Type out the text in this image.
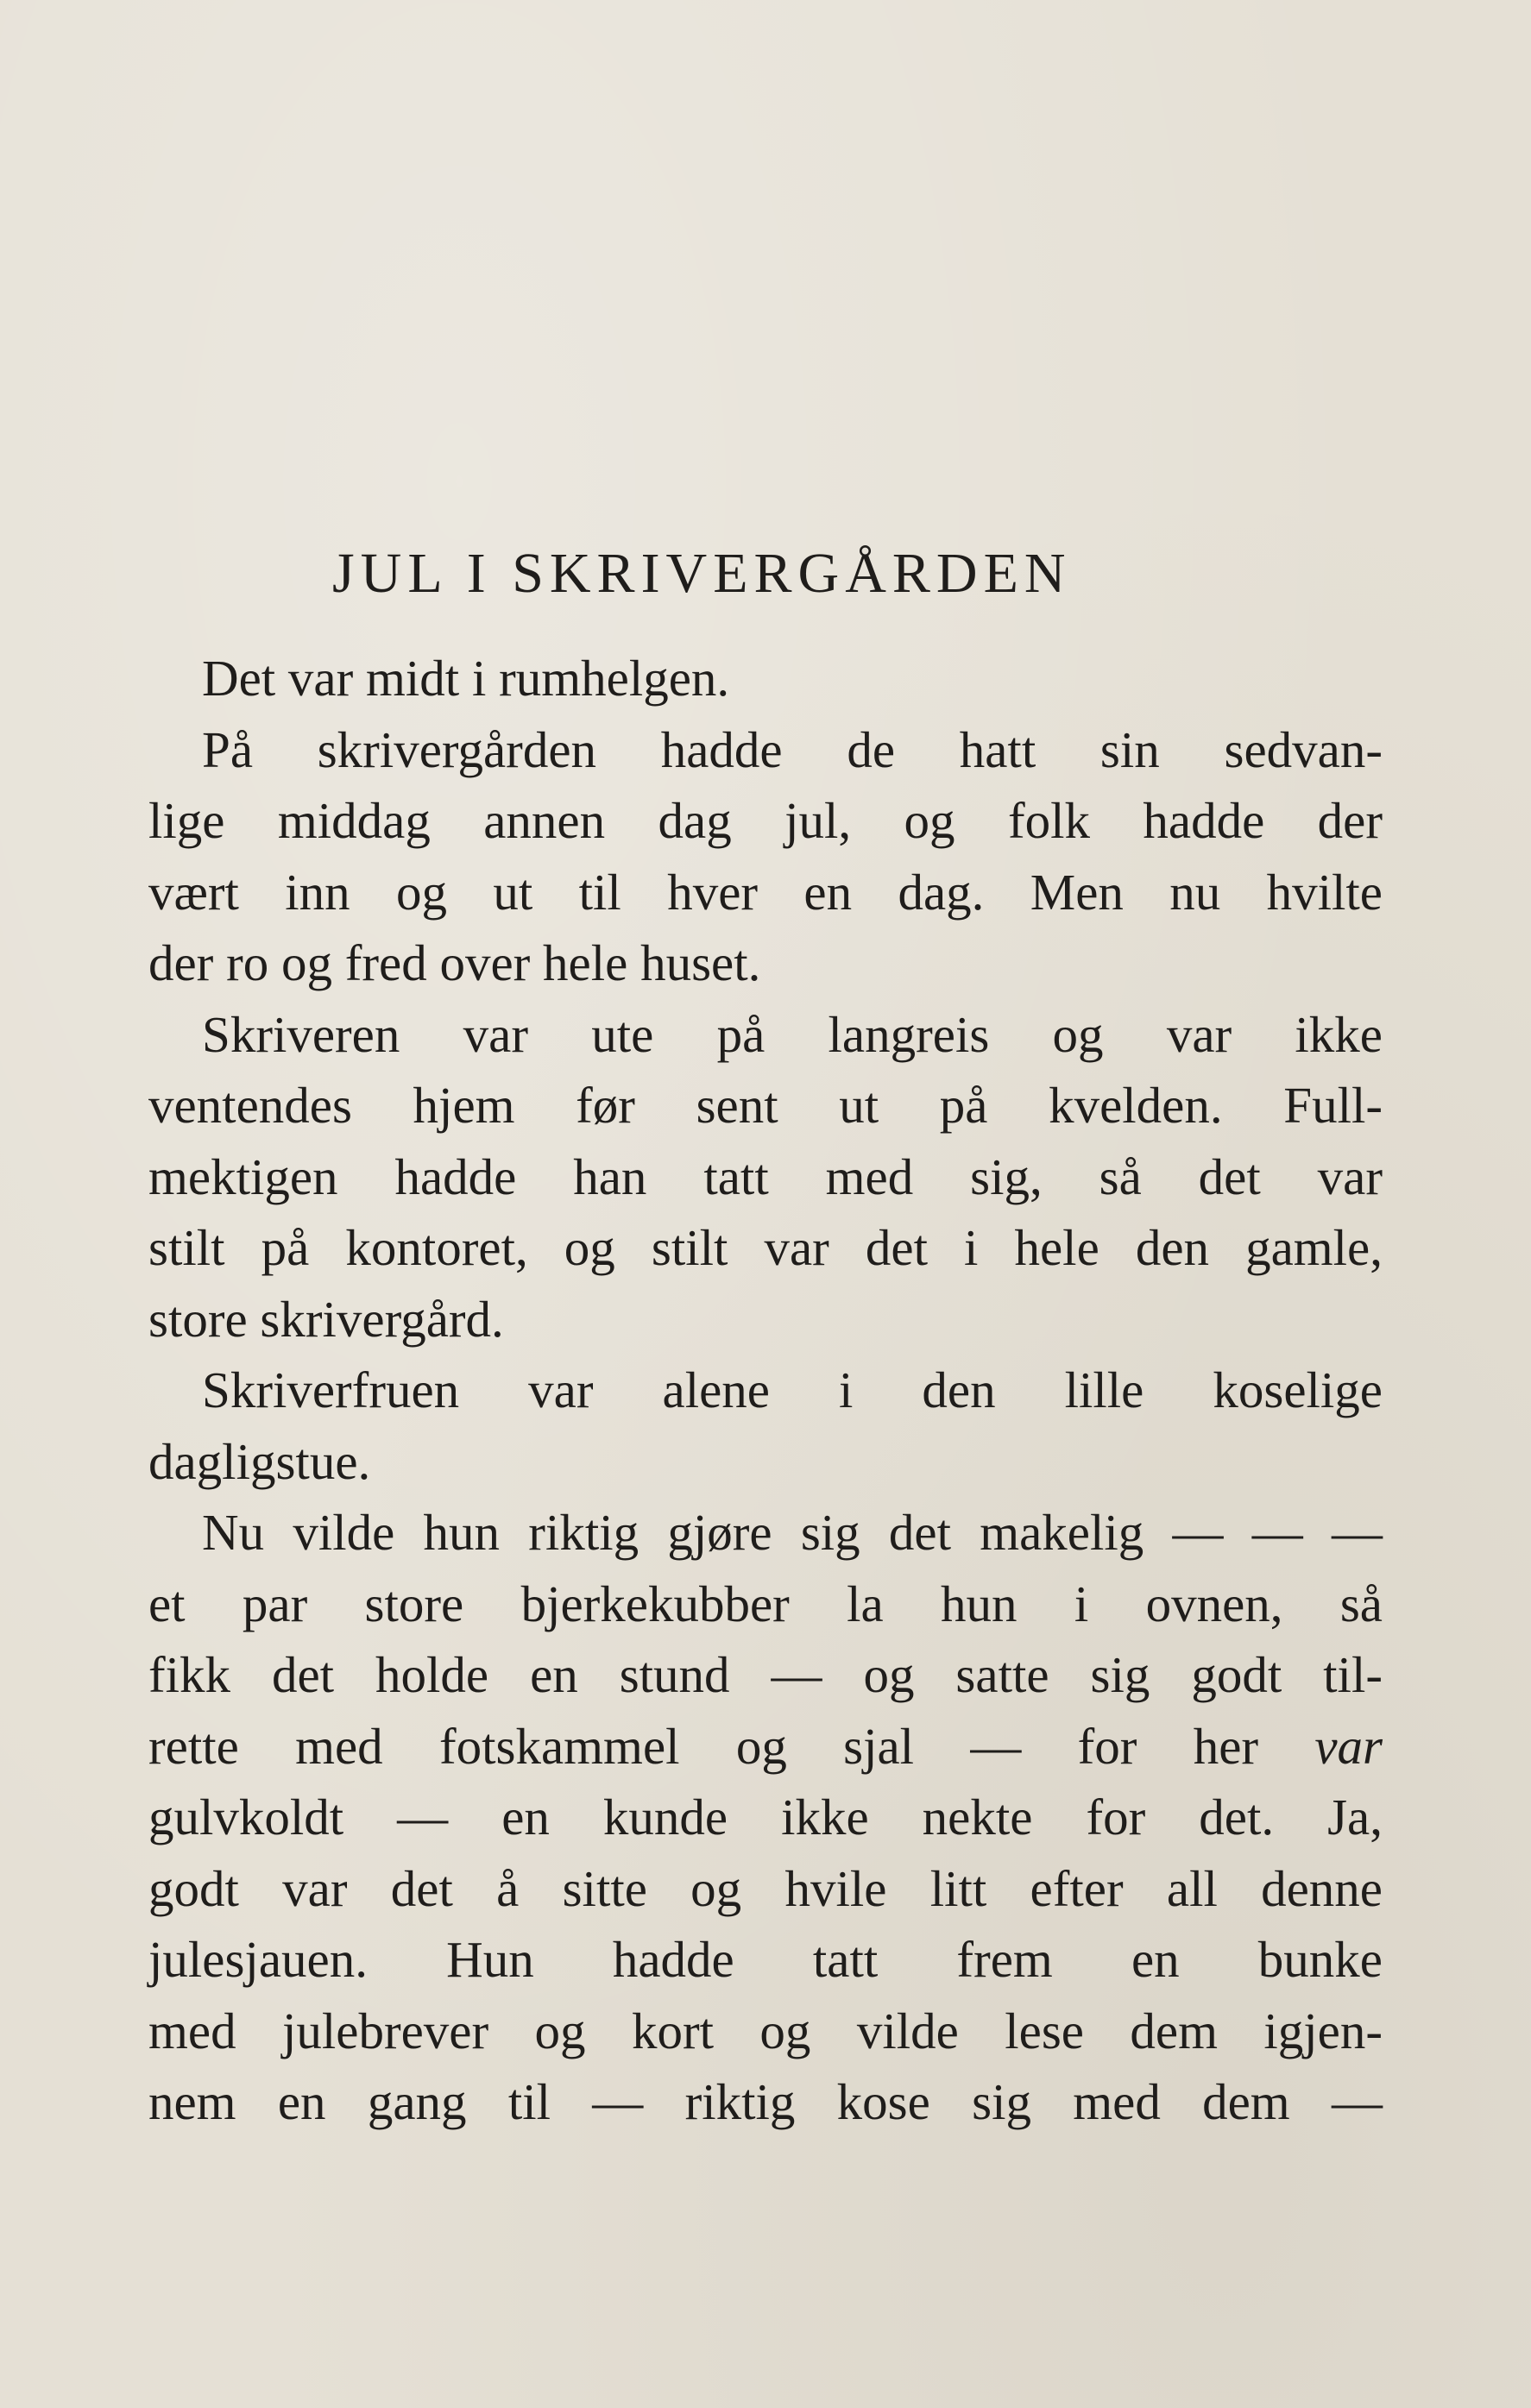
JUL I SKRIVERGÅRDEN
Det var midt i rumhelgen.
På skrivergården hadde de hatt sin sedvan-
lige middag annen dag jul, og folk hadde der
vært inn og ut til hver en dag. Men nu hvilte
der ro og fred over hele huset.
Skriveren var ute på langreis og var ikke
ventendes hjem før sent ut på kvelden. Full-
mektigen hadde han tatt med sig, så det var
stilt på kontoret, og stilt var det i hele den gamle,
store skrivergård.
Skriverfruen var alene i den lille koselige
dagligstue.
Nu vilde hun riktig gjøre sig det makelig — — —
et par store bjerkekubber la hun i ovnen, så
fikk det holde en stund — og satte sig godt til-
rette med fotskammel og sjal — for her var
gulvkoldt — en kunde ikke nekte for det. Ja,
godt var det å sitte og hvile litt efter all denne
julesjauen. Hun hadde tatt frem en bunke
med julebrever og kort og vilde lese dem igjen-
nem en gang til — riktig kose sig med dem —
